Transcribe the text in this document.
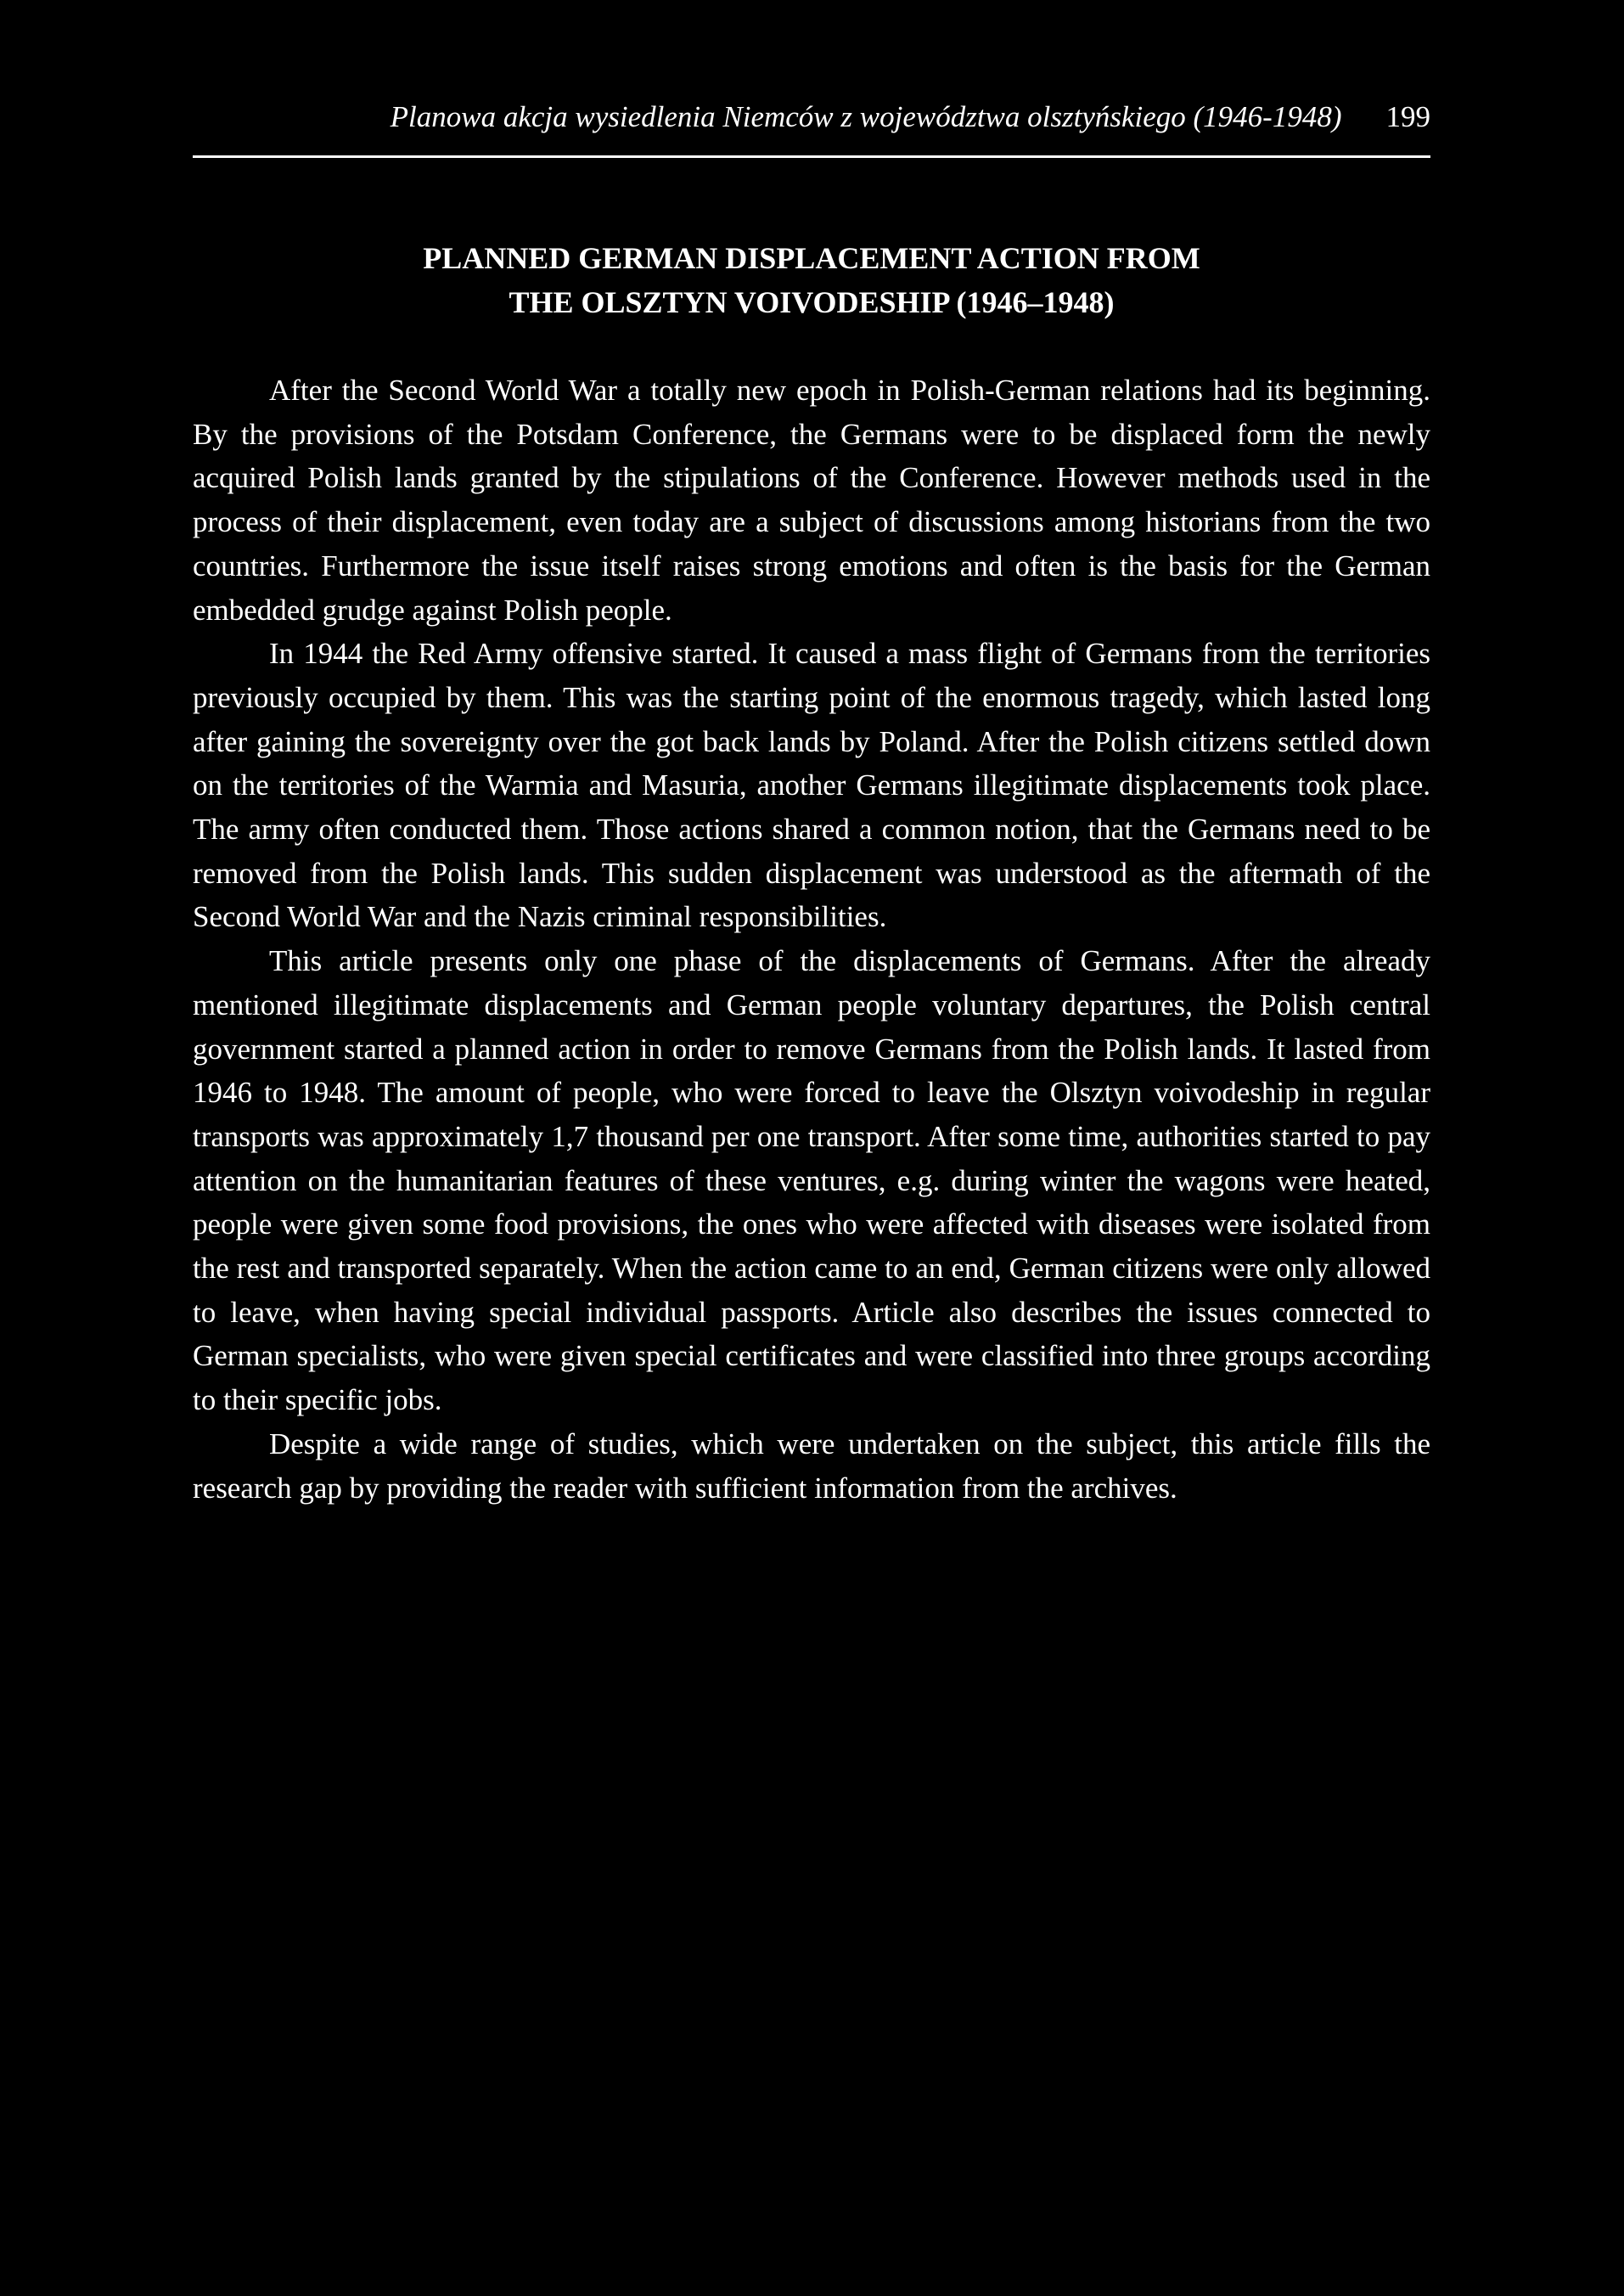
Planowa akcja wysiedlenia Niemców z województwa olsztyńskiego (1946-1948) 199
PLANNED GERMAN DISPLACEMENT ACTION FROM
THE OLSZTYN VOIVODESHIP (1946–1948)

After the Second World War a totally new epoch in Polish-German relations had its beginning. By the provisions of the Potsdam Conference, the Germans were to be displaced form the newly acquired Polish lands granted by the stipulations of the Conference. However methods used in the process of their displacement, even today are a subject of discussions among historians from the two countries. Furthermore the issue itself raises strong emotions and often is the basis for the German embedded grudge against Polish people.

In 1944 the Red Army offensive started. It caused a mass flight of Germans from the territories previously occupied by them. This was the starting point of the enormous tragedy, which lasted long after gaining the sovereignty over the got back lands by Poland. After the Polish citizens settled down on the territories of the Warmia and Masuria, another Germans illegitimate displacements took place. The army often conducted them. Those actions shared a common notion, that the Germans need to be removed from the Polish lands. This sudden displacement was understood as the aftermath of the Second World War and the Nazis criminal responsibilities.

This article presents only one phase of the displacements of Germans. After the already mentioned illegitimate displacements and German people voluntary departures, the Polish central government started a planned action in order to remove Germans from the Polish lands. It lasted from 1946 to 1948. The amount of people, who were forced to leave the Olsztyn voivodeship in regular transports was approximately 1,7 thousand per one transport. After some time, authorities started to pay attention on the humanitarian features of these ventures, e.g. during winter the wagons were heated, people were given some food provisions, the ones who were affected with diseases were isolated from the rest and transported separately. When the action came to an end, German citizens were only allowed to leave, when having special individual passports. Article also describes the issues connected to German specialists, who were given special certificates and were classified into three groups according to their specific jobs.

Despite a wide range of studies, which were undertaken on the subject, this article fills the research gap by providing the reader with sufficient information from the archives.
